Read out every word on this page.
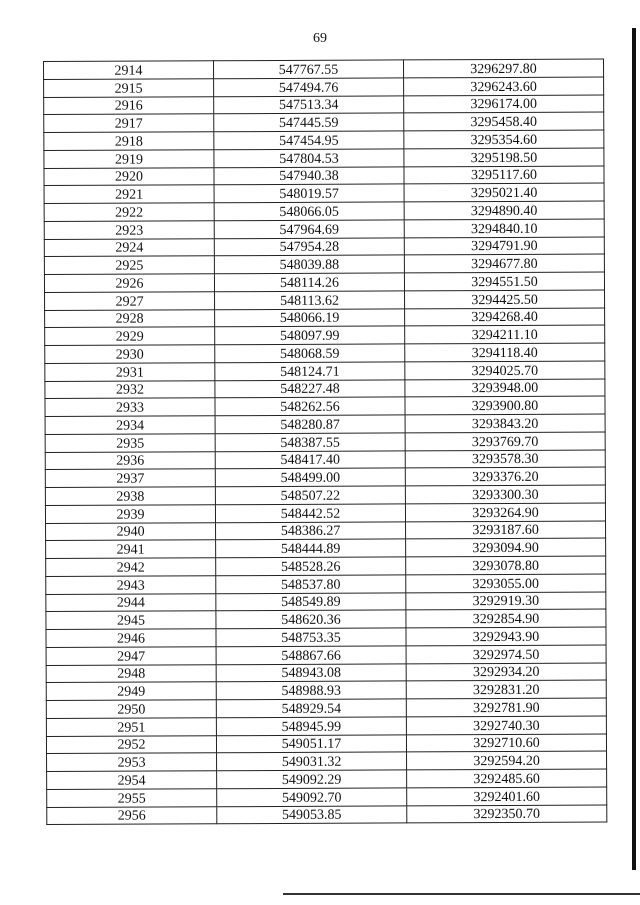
69
2914	547767.55	3296297.80
2915	547494.76	3296243.60
2916	547513.34	3296174.00
2917	547445.59	3295458.40
2918	547454.95	3295354.60
2919	547804.53	3295198.50
2920	547940.38	3295117.60
2921	548019.57	3295021.40
2922	548066.05	3294890.40
2923	547964.69	3294840.10
2924	547954.28	3294791.90
2925	548039.88	3294677.80
2926	548114.26	3294551.50
2927	548113.62	3294425.50
2928	548066.19	3294268.40
2929	548097.99	3294211.10
2930	548068.59	3294118.40
2931	548124.71	3294025.70
2932	548227.48	3293948.00
2933	548262.56	3293900.80
2934	548280.87	3293843.20
2935	548387.55	3293769.70
2936	548417.40	3293578.30
2937	548499.00	3293376.20
2938	548507.22	3293300.30
2939	548442.52	3293264.90
2940	548386.27	3293187.60
2941	548444.89	3293094.90
2942	548528.26	3293078.80
2943	548537.80	3293055.00
2944	548549.89	3292919.30
2945	548620.36	3292854.90
2946	548753.35	3292943.90
2947	548867.66	3292974.50
2948	548943.08	3292934.20
2949	548988.93	3292831.20
2950	548929.54	3292781.90
2951	548945.99	3292740.30
2952	549051.17	3292710.60
2953	549031.32	3292594.20
2954	549092.29	3292485.60
2955	549092.70	3292401.60
2956	549053.85	3292350.70
